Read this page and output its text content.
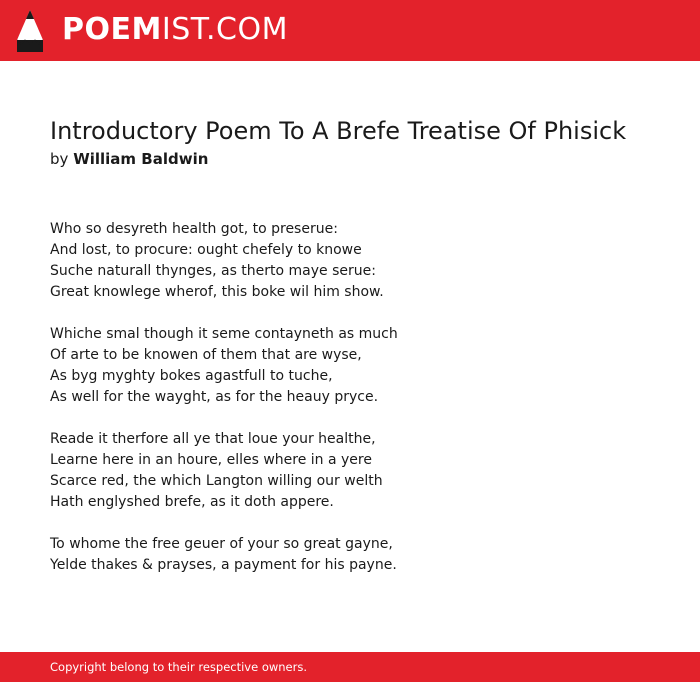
POEMIST.COM
Introductory Poem To A Brefe Treatise Of Phisick
by William Baldwin
Who so desyreth health got, to preserue:
And lost, to procure: ought chefely to knowe
Suche naturall thynges, as therto maye serue:
Great knowlege wherof, this boke wil him show.
Whiche smal though it seme contayneth as much
Of arte to be knowen of them that are wyse,
As byg myghty bokes agastfull to tuche,
As well for the wayght, as for the heauy pryce.
Reade it therfore all ye that loue your healthe,
Learne here in an houre, elles where in a yere
Scarce red, the which Langton willing our welth
Hath englyshed brefe, as it doth appere.
To whome the free geuer of your so great gayne,
Yelde thakes & prayses, a payment for his payne.
Copyright belong to their respective owners.
